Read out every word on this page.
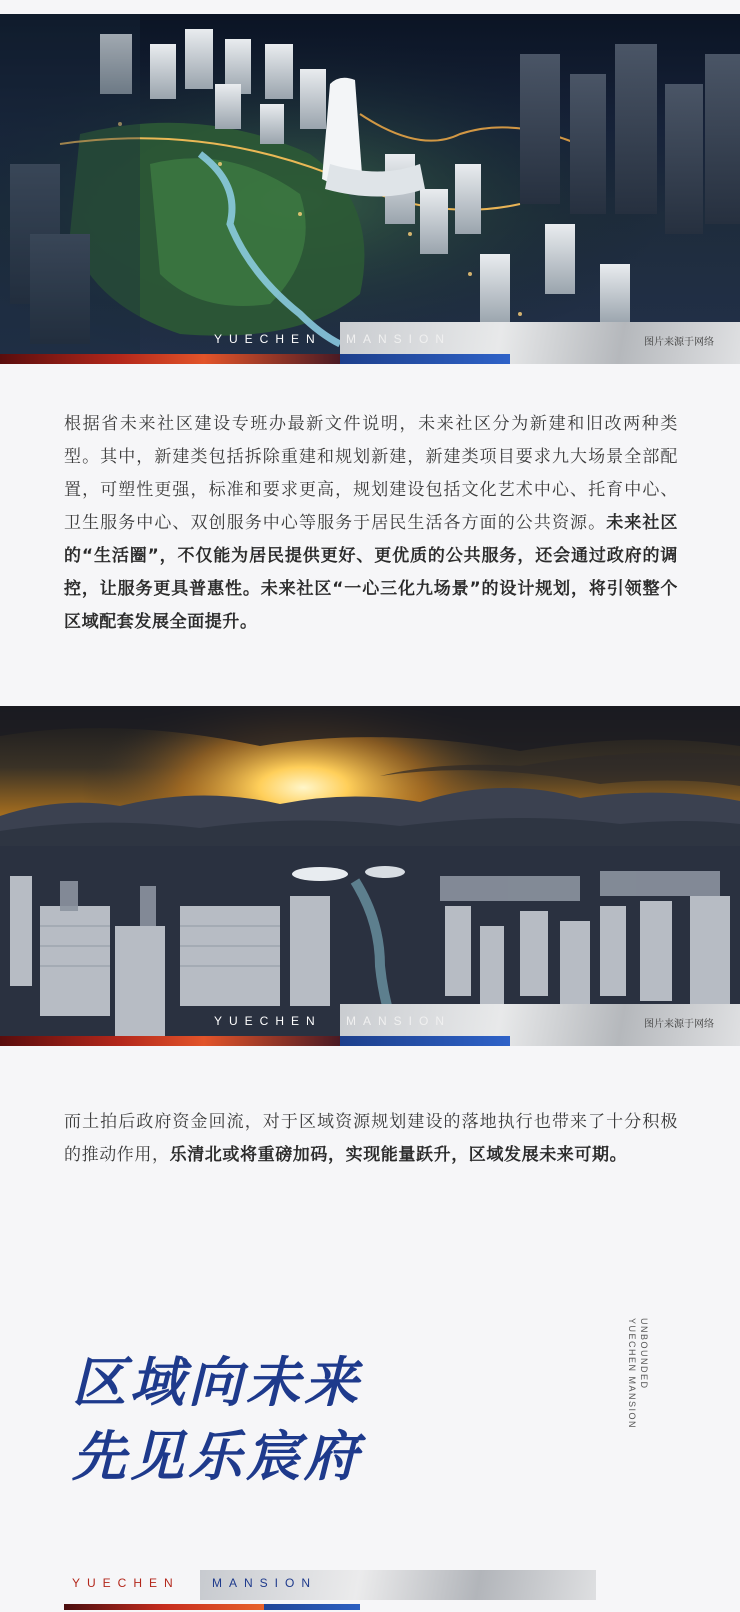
YUECHEN MANSION	图片来源于网络
根据省未来社区建设专班办最新文件说明，未来社区分为新建和旧改两种类型。其中，新建类包括拆除重建和规划新建，新建类项目要求九大场景全部配置，可塑性更强，标准和要求更高，规划建设包括文化艺术中心、托育中心、卫生服务中心、双创服务中心等服务于居民生活各方面的公共资源。未来社区的“生活圈”，不仅能为居民提供更好、更优质的公共服务，还会通过政府的调控，让服务更具普惠性。未来社区“一心三化九场景”的设计规划，将引领整个区域配套发展全面提升。
YUECHEN MANSION	图片来源于网络
而土拍后政府资金回流，对于区域资源规划建设的落地执行也带来了十分积极的推动作用，乐清北或将重磅加码，实现能量跃升，区域发展未来可期。
区域向未来
先见乐宸府
UNBOUNDED
YUECHEN MANSION
YUECHEN	MANSION
